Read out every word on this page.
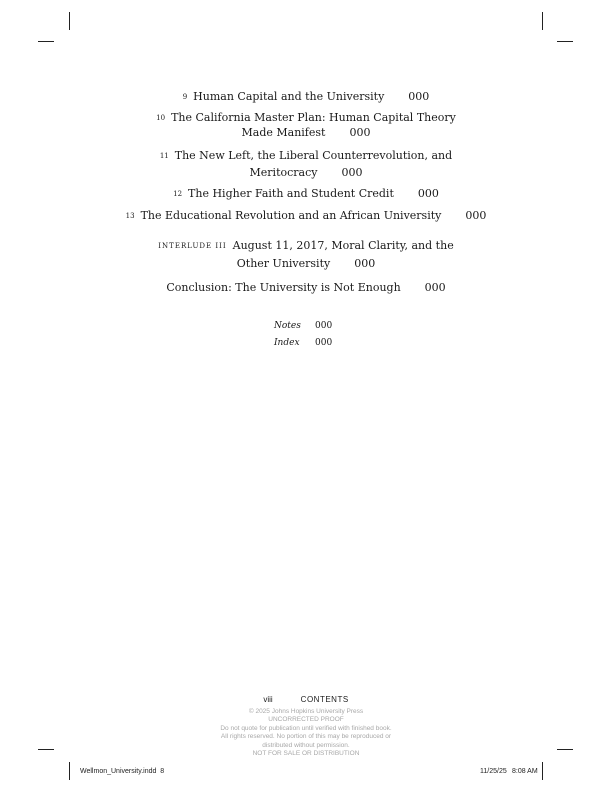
9 Human Capital and the University 000
10 The California Master Plan: Human Capital Theory
Made Manifest 000
11 The New Left, the Liberal Counterrevolution, and
Meritocracy 000
12 The Higher Faith and Student Credit 000
13 The Educational Revolution and an African University 000
INTERLUDE III August 11, 2017, Moral Clarity, and the
Other University 000
Conclusion: The University is Not Enough 000
Notes 000
Index 000
viii	CONTENTS
© 2025 Johns Hopkins University Press
UNCORRECTED PROOF
Do not quote for publication until verified with finished book.
All rights reserved. No portion of this may be reproduced or
distributed without permission.
NOT FOR SALE OR DISTRIBUTION
Wellmon_University.indd  8	11/25/25 8:08 AM
